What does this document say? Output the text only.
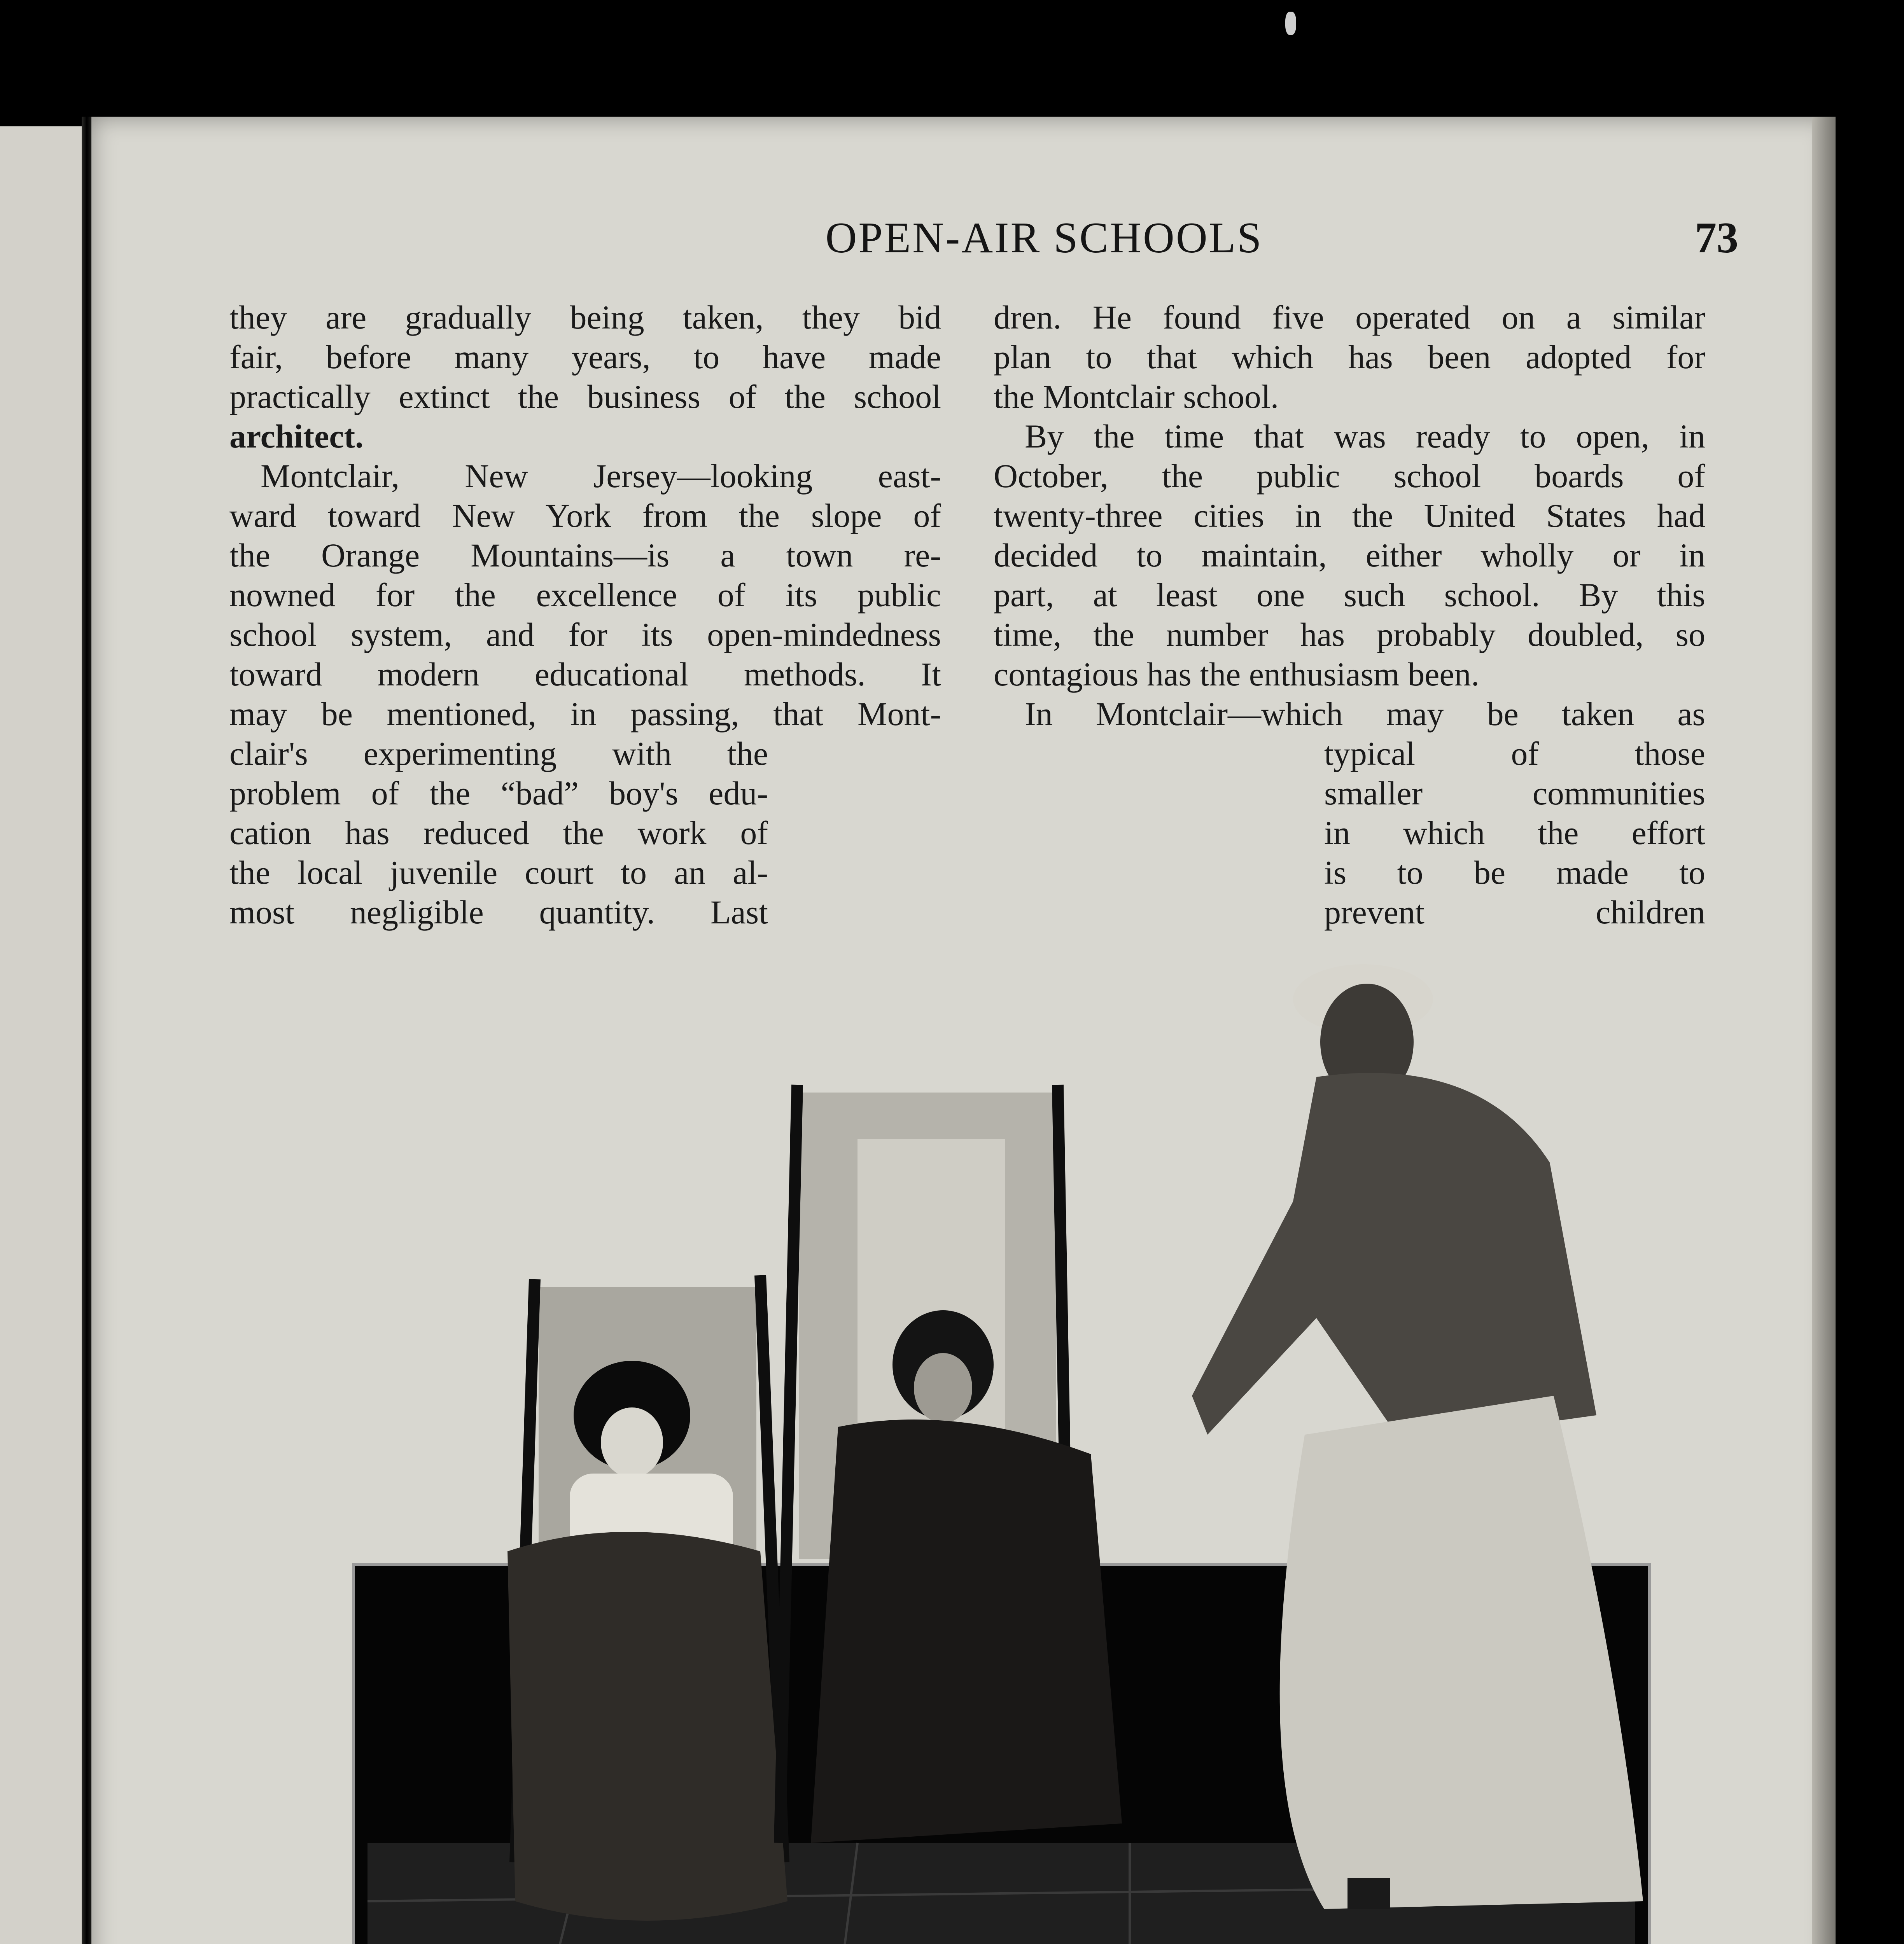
OPEN-AIR SCHOOLS	73
they are gradually being taken, they bid
fair, before many years, to have made
practically extinct the business of the school
architect.
Montclair, New Jersey—looking east-
ward toward New York from the slope of
the Orange Mountains—is a town re-
nowned for the excellence of its public
school system, and for its open-mindedness
toward modern educational methods. It
may be mentioned, in passing, that Mont-
clair's experimenting with the
problem of the “bad” boy's edu-
cation has reduced the work of
the local juvenile court to an al-
most negligible quantity. Last
dren. He found five operated on a similar
plan to that which has been adopted for
the Montclair school.
By the time that was ready to open, in
October, the public school boards of
twenty-three cities in the United States had
decided to maintain, either wholly or in
part, at least one such school. By this
time, the number has probably doubled, so
contagious has the enthusiasm been.
In Montclair—which may be taken as
typical of those
smaller communities
in which the effort
is to be made to
prevent children
